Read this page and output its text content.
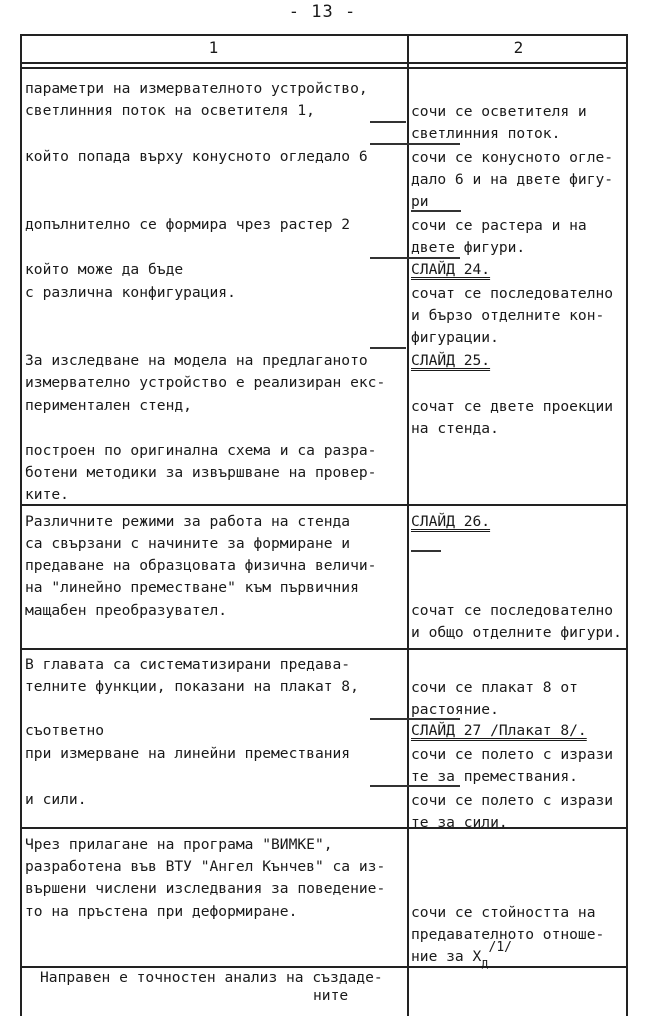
- 13 -
1	2
параметри на измервателното устройство,
светлинния поток на осветителя 1,
който попада върху конусното огледало 6
допълнително се формира чрез растер 2
който може да бъде
с различна конфигурация.
сочи се осветителя и
светлинния поток.
сочи се конусното огле-
дало 6 и на двете фигу-
ри
сочи се растера и на
двете фигури.
СЛАЙД 24.
сочат се последователно
и бързо отделните кон-
фигурации.
За изследване на модела на предлаганото
измервателно устройство е реализиран екс-
периментален стенд,
построен по оригинална схема и са разра-
ботени методики за извършване на провер-
ките.
СЛАЙД 25.
сочат се двете проекции
на стенда.
Различните режими за работа на стенда
са свързани с начините за формиране и
предаване на образцовата физична величи-
на "линейно преместване" към първичния
мащабен преобразувател.
СЛАЙД 26.
сочат се последователно
и общо отделните фигури.
В главата са систематизирани предава-
телните функции, показани на плакат 8,
съответно
при измерване на линейни премествания
и сили.
сочи се плакат 8 от
растояние.
СЛАЙД 27 /Плакат 8/.
сочи се полето с изрази
те за премествания.
сочи се полето с изрази
те за сили.
Чрез прилагане на програма "ВИМКЕ",
разработена във ВТУ "Ангел Кънчев" са из-
вършени числени изследвания за поведение-
то на пръстена при деформиране.	сочи се стойността на
предавателното отноше-
ние за $Х_д/1/$
Направен е точностен анализ на създаде-
ните
